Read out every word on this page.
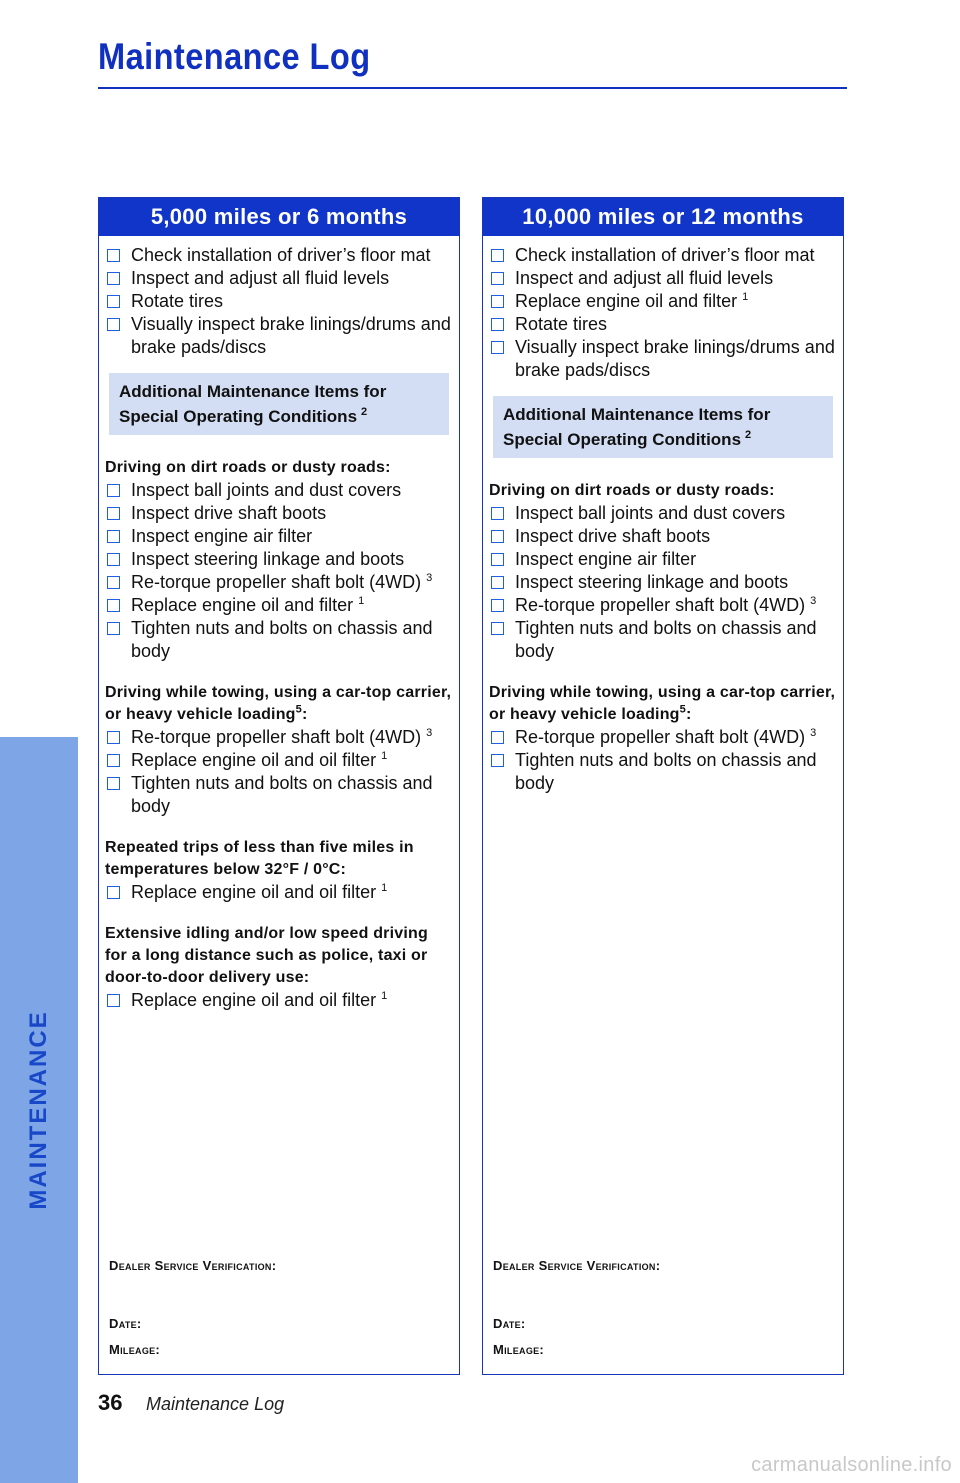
Maintenance Log
MAINTENANCE
5,000 miles or 6 months
Check installation of driver’s floor mat
Inspect and adjust all fluid levels
Rotate tires
Visually inspect brake linings/drums and brake pads/discs
Additional Maintenance Items for
Special Operating Conditions $^2$
Driving on dirt roads or dusty roads:
Inspect ball joints and dust covers
Inspect drive shaft boots
Inspect engine air filter
Inspect steering linkage and boots
Re-torque propeller shaft bolt (4WD) $^3$
Replace engine oil and filter $^1$
Tighten nuts and bolts on chassis and body
Driving while towing, using a car-top carrier, or heavy vehicle loading$^5$:
Re-torque propeller shaft bolt (4WD) $^3$
Replace engine oil and oil filter $^1$
Tighten nuts and bolts on chassis and body
Repeated trips of less than five miles in temperatures below 32°F / 0°C:
Replace engine oil and oil filter $^1$
Extensive idling and/or low speed driving for a long distance such as police, taxi or door-to-door delivery use:
Replace engine oil and oil filter $^1$
Dealer Service Verification:
Date:
Mileage:
10,000 miles or 12 months
Check installation of driver’s floor mat
Inspect and adjust all fluid levels
Replace engine oil and filter $^1$
Rotate tires
Visually inspect brake linings/drums and brake pads/discs
Additional Maintenance Items for
Special Operating Conditions $^2$
Driving on dirt roads or dusty roads:
Inspect ball joints and dust covers
Inspect drive shaft boots
Inspect engine air filter
Inspect steering linkage and boots
Re-torque propeller shaft bolt (4WD) $^3$
Tighten nuts and bolts on chassis and body
Driving while towing, using a car-top carrier, or heavy vehicle loading$^5$:
Re-torque propeller shaft bolt (4WD) $^3$
Tighten nuts and bolts on chassis and body
Dealer Service Verification:
Date:
Mileage:
36 Maintenance Log
carmanualsonline.info
